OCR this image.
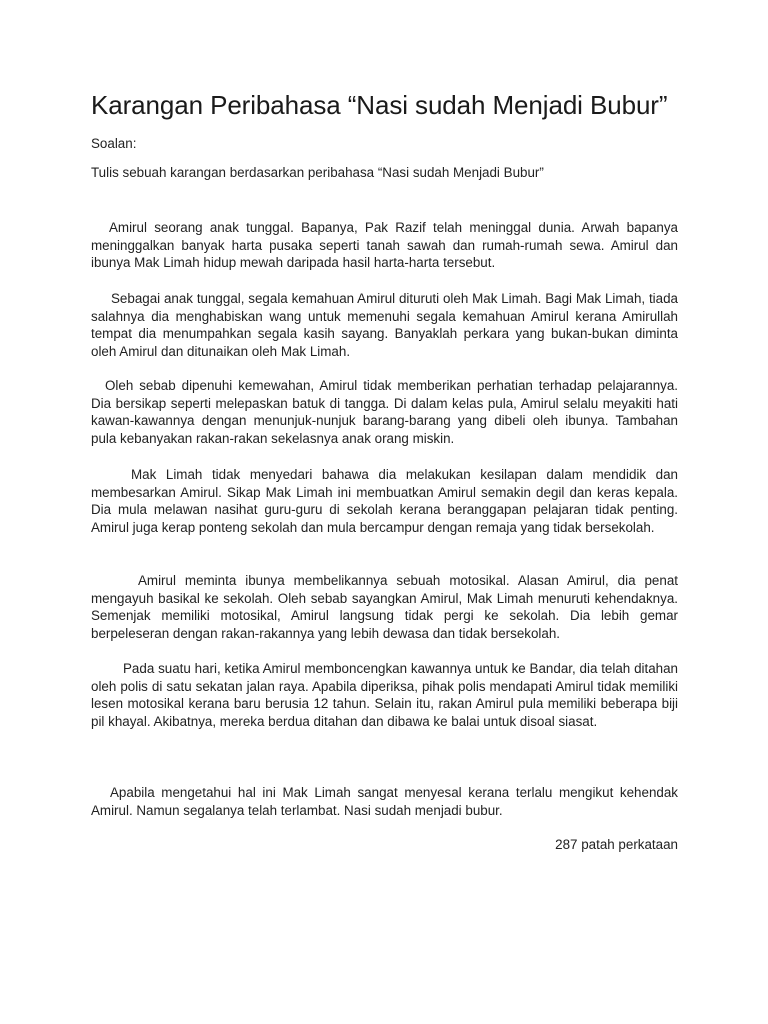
Karangan Peribahasa “Nasi sudah Menjadi Bubur”

Soalan:

Tulis sebuah karangan berdasarkan peribahasa “Nasi sudah Menjadi Bubur”

Amirul seorang anak tunggal. Bapanya, Pak Razif telah meninggal dunia. Arwah bapanya meninggalkan banyak harta pusaka seperti tanah sawah dan rumah-rumah sewa. Amirul dan ibunya Mak Limah hidup mewah daripada hasil harta-harta tersebut.

Sebagai anak tunggal, segala kemahuan Amirul dituruti oleh Mak Limah. Bagi Mak Limah, tiada salahnya dia menghabiskan wang untuk memenuhi segala kemahuan Amirul kerana Amirullah tempat dia menumpahkan segala kasih sayang. Banyaklah perkara yang bukan-bukan diminta oleh Amirul dan ditunaikan oleh Mak Limah.

Oleh sebab dipenuhi kemewahan, Amirul tidak memberikan perhatian terhadap pelajarannya. Dia bersikap seperti melepaskan batuk di tangga. Di dalam kelas pula, Amirul selalu meyakiti hati kawan-kawannya dengan menunjuk-nunjuk barang-barang yang dibeli oleh ibunya. Tambahan pula kebanyakan rakan-rakan sekelasnya anak orang miskin.

Mak Limah tidak menyedari bahawa dia melakukan kesilapan dalam mendidik dan membesarkan Amirul. Sikap Mak Limah ini membuatkan Amirul semakin degil dan keras kepala. Dia mula melawan nasihat guru-guru di sekolah kerana beranggapan pelajaran tidak penting. Amirul juga kerap ponteng sekolah dan mula bercampur dengan remaja yang tidak bersekolah.

Amirul meminta ibunya membelikannya sebuah motosikal. Alasan Amirul, dia penat mengayuh basikal ke sekolah. Oleh sebab sayangkan Amirul, Mak Limah menuruti kehendaknya. Semenjak memiliki motosikal, Amirul langsung tidak pergi ke sekolah. Dia lebih gemar berpeleseran dengan rakan-rakannya yang lebih dewasa dan tidak bersekolah.

Pada suatu hari, ketika Amirul memboncengkan kawannya untuk ke Bandar, dia telah ditahan oleh polis di satu sekatan jalan raya. Apabila diperiksa, pihak polis mendapati Amirul tidak memiliki lesen motosikal kerana baru berusia 12 tahun. Selain itu, rakan Amirul pula memiliki beberapa biji pil khayal. Akibatnya, mereka berdua ditahan dan dibawa ke balai untuk disoal siasat.

Apabila mengetahui hal ini Mak Limah sangat menyesal kerana terlalu mengikut kehendak Amirul. Namun segalanya telah terlambat. Nasi sudah menjadi bubur.

287 patah perkataan
